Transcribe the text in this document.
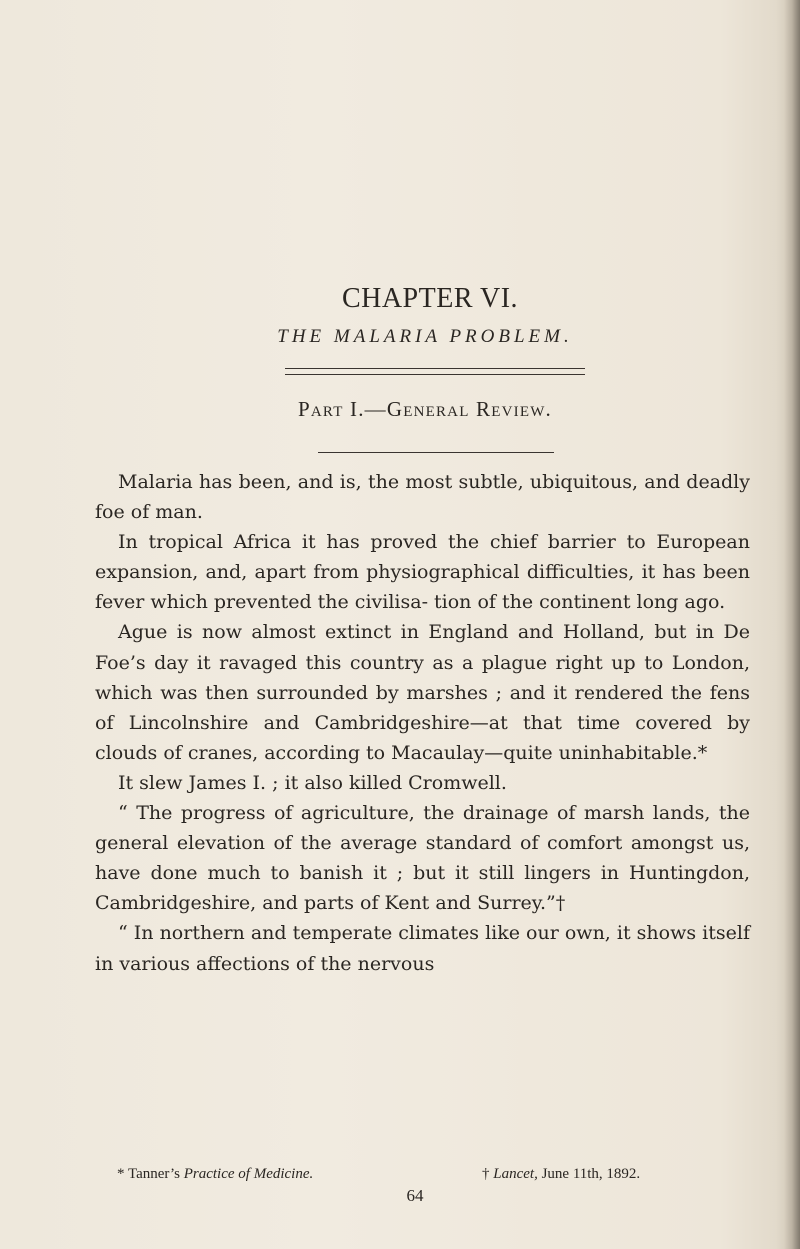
CHAPTER VI.
THE MALARIA PROBLEM.
Part I.—General Review.

Malaria has been, and is, the most subtle, ubiquitous, and deadly foe of man.

In tropical Africa it has proved the chief barrier to European expansion, and, apart from physiographical difficulties, it has been fever which prevented the civilisa- tion of the continent long ago.

Ague is now almost extinct in England and Holland, but in De Foe’s day it ravaged this country as a plague right up to London, which was then surrounded by marshes ; and it rendered the fens of Lincolnshire and Cambridgeshire—at that time covered by clouds of cranes, according to Macaulay—quite uninhabitable.*

It slew James I. ; it also killed Cromwell.

“ The progress of agriculture, the drainage of marsh lands, the general elevation of the average standard of comfort amongst us, have done much to banish it ; but it still lingers in Huntingdon, Cambridgeshire, and parts of Kent and Surrey.”†

“ In northern and temperate climates like our own, it shows itself in various affections of the nervous

* Tanner’s Practice of Medicine.	† Lancet, June 11th, 1892.
64
